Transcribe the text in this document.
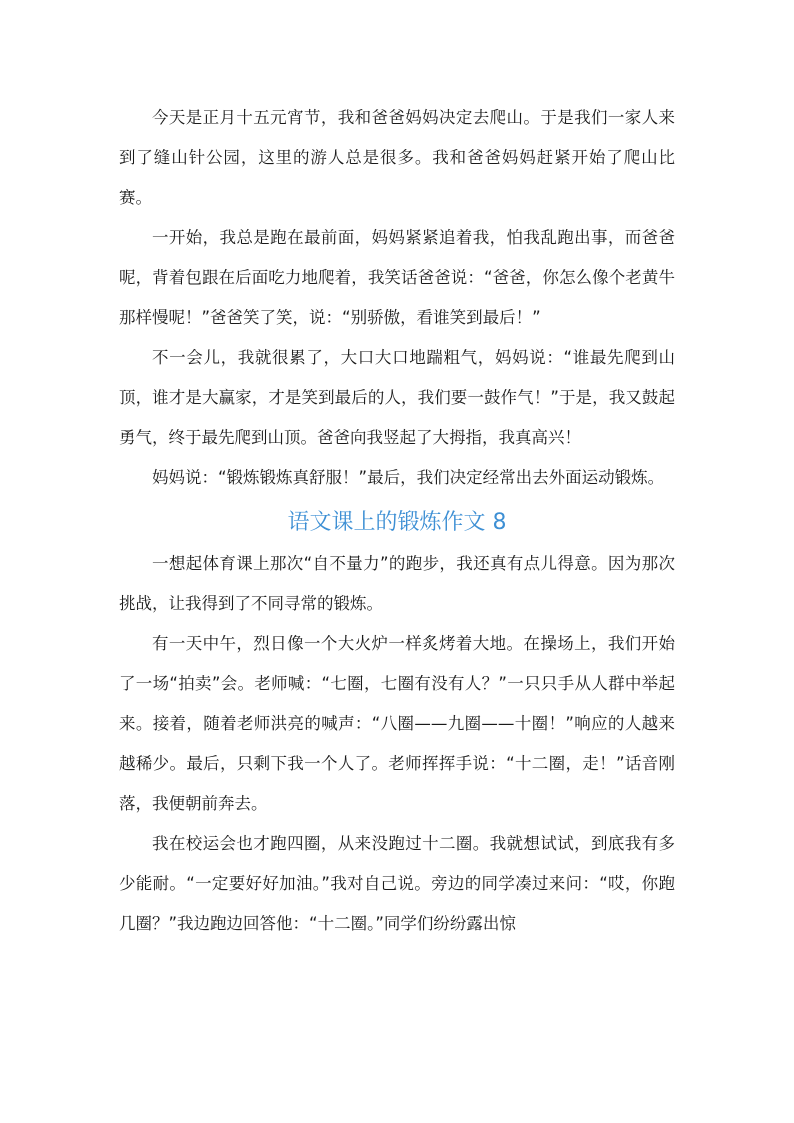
今天是正月十五元宵节，我和爸爸妈妈决定去爬山。于是我们一家人来到了缝山针公园，这里的游人总是很多。我和爸爸妈妈赶紧开始了爬山比赛。

一开始，我总是跑在最前面，妈妈紧紧追着我，怕我乱跑出事，而爸爸呢，背着包跟在后面吃力地爬着，我笑话爸爸说：“爸爸，你怎么像个老黄牛那样慢呢！”爸爸笑了笑，说：“别骄傲，看谁笑到最后！”

不一会儿，我就很累了，大口大口地踹粗气，妈妈说：“谁最先爬到山顶，谁才是大赢家，才是笑到最后的人，我们要一鼓作气！”于是，我又鼓起勇气，终于最先爬到山顶。爸爸向我竖起了大拇指，我真高兴！

妈妈说：“锻炼锻炼真舒服！”最后，我们决定经常出去外面运动锻炼。

语文课上的锻炼作文 8

一想起体育课上那次“自不量力”的跑步，我还真有点儿得意。因为那次挑战，让我得到了不同寻常的锻炼。

有一天中午，烈日像一个大火炉一样炙烤着大地。在操场上，我们开始了一场“拍卖”会。老师喊：“七圈，七圈有没有人？”一只只手从人群中举起来。接着，随着老师洪亮的喊声：“八圈——九圈——十圈！”响应的人越来越稀少。最后，只剩下我一个人了。老师挥挥手说：“十二圈，走！”话音刚落，我便朝前奔去。

我在校运会也才跑四圈，从来没跑过十二圈。我就想试试，到底我有多少能耐。“一定要好好加油。”我对自己说。旁边的同学凑过来问：“哎，你跑几圈？”我边跑边回答他：“十二圈。”同学们纷纷露出惊
